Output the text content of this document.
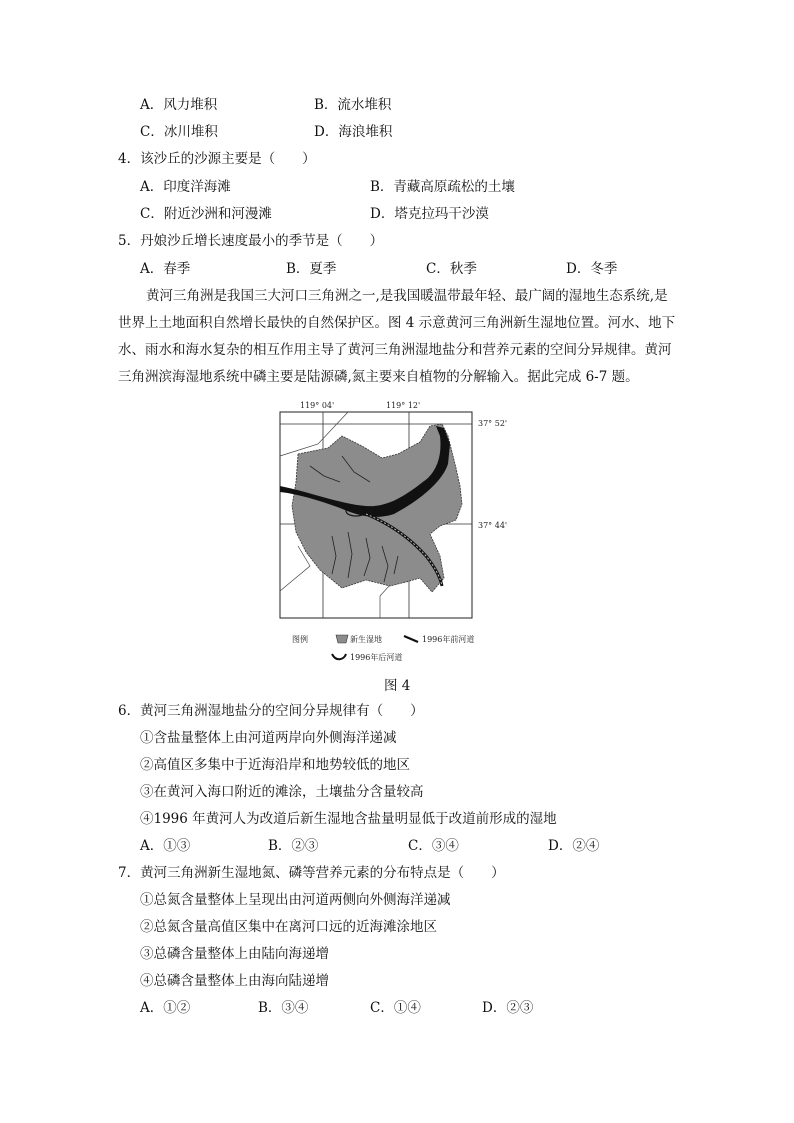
A．风力堆积	B．流水堆积
C．冰川堆积	D．海浪堆积
4．该沙丘的沙源主要是（　　）
A．印度洋海滩	B．青藏高原疏松的土壤
C．附近沙洲和河漫滩	D．塔克拉玛干沙漠
5．丹娘沙丘增长速度最小的季节是（　　）
A．春季	B．夏季	C．秋季	D．冬季
黄河三角洲是我国三大河口三角洲之一,是我国暖温带最年轻、最广阔的湿地生态系统,是世界上土地面积自然增长最快的自然保护区。图 4 示意黄河三角洲新生湿地位置。河水、地下水、雨水和海水复杂的相互作用主导了黄河三角洲湿地盐分和营养元素的空间分异规律。黄河三角洲滨海湿地系统中磷主要是陆源磷,氮主要来自植物的分解输入。据此完成 6-7 题。
119° 04'	119° 12'
37° 52'
37° 44'
图例	新生湿地	1996年前河道
1996年后河道
图 4
6．黄河三角洲湿地盐分的空间分异规律有（　　）
①含盐量整体上由河道两岸向外侧海洋递减
②高值区多集中于近海沿岸和地势较低的地区
③在黄河入海口附近的滩涂，土壤盐分含量较高
④1996 年黄河人为改道后新生湿地含盐量明显低于改道前形成的湿地
A．①③	B．②③	C．③④	D．②④
7．黄河三角洲新生湿地氮、磷等营养元素的分布特点是（　　）
①总氮含量整体上呈现出由河道两侧向外侧海洋递减
②总氮含量高值区集中在离河口远的近海滩涂地区
③总磷含量整体上由陆向海递增
④总磷含量整体上由海向陆递增
A．①②	B．③④	C．①④	D．②③
